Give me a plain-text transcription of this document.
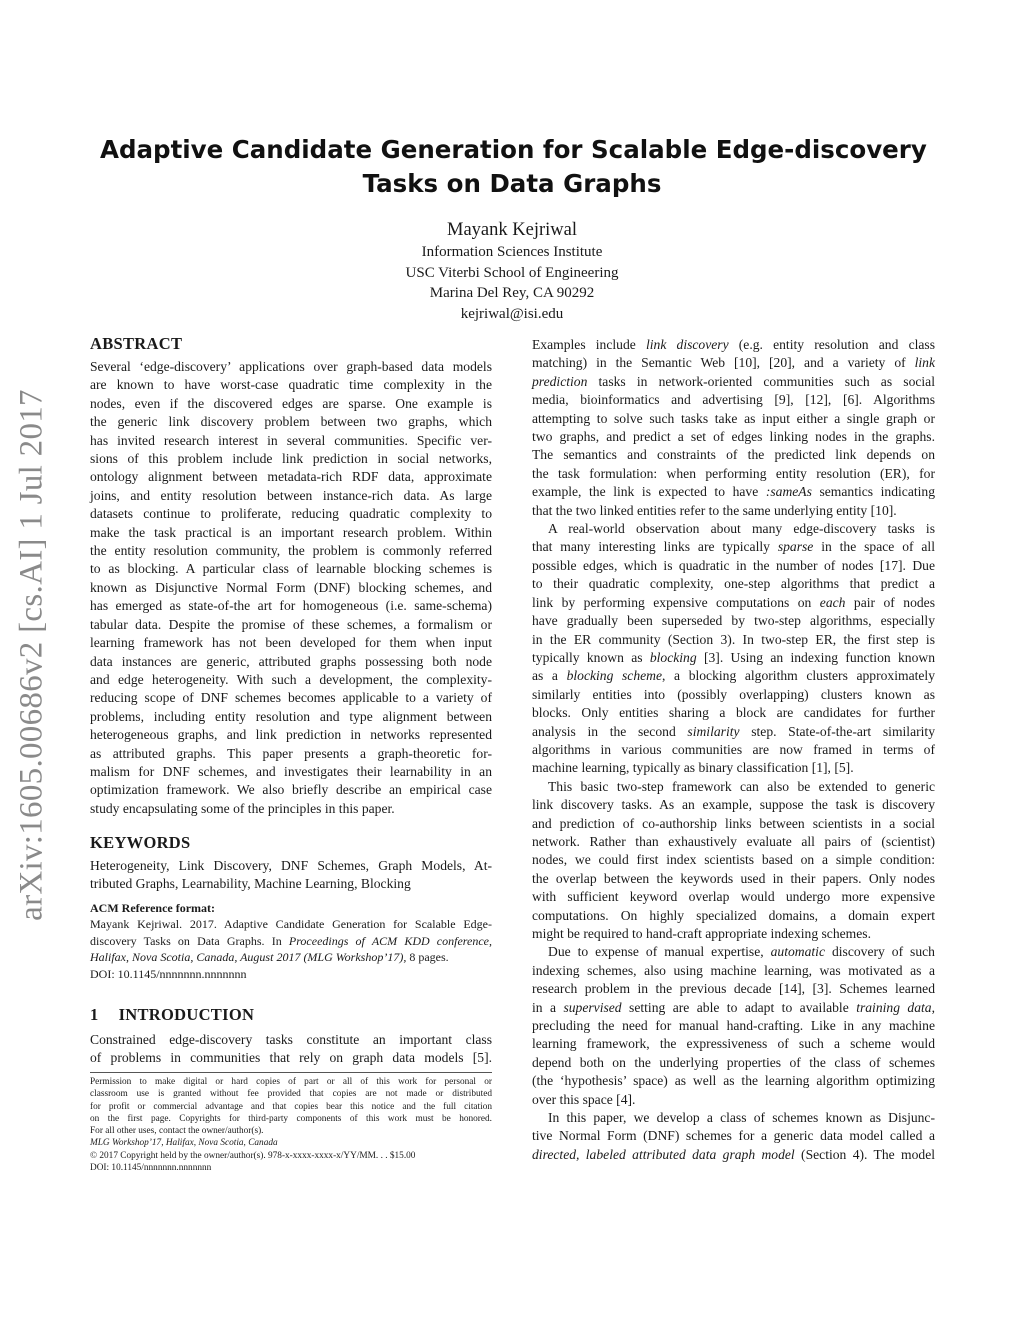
arXiv:1605.00686v2 [cs.AI] 1 Jul 2017
Adaptive Candidate Generation for Scalable Edge-discovery
Tasks on Data Graphs
Mayank Kejriwal
Information Sciences Institute
USC Viterbi School of Engineering
Marina Del Rey, CA 90292
kejriwal@isi.edu
ABSTRACT
Several ‘edge-discovery’ applications over graph-based data models
are known to have worst-case quadratic time complexity in the
nodes, even if the discovered edges are sparse. One example is
the generic link discovery problem between two graphs, which
has invited research interest in several communities. Specific ver-
sions of this problem include link prediction in social networks,
ontology alignment between metadata-rich RDF data, approximate
joins, and entity resolution between instance-rich data. As large
datasets continue to proliferate, reducing quadratic complexity to
make the task practical is an important research problem. Within
the entity resolution community, the problem is commonly referred
to as blocking. A particular class of learnable blocking schemes is
known as Disjunctive Normal Form (DNF) blocking schemes, and
has emerged as state-of-the art for homogeneous (i.e. same-schema)
tabular data. Despite the promise of these schemes, a formalism or
learning framework has not been developed for them when input
data instances are generic, attributed graphs possessing both node
and edge heterogeneity. With such a development, the complexity-
reducing scope of DNF schemes becomes applicable to a variety of
problems, including entity resolution and type alignment between
heterogeneous graphs, and link prediction in networks represented
as attributed graphs. This paper presents a graph-theoretic for-
malism for DNF schemes, and investigates their learnability in an
optimization framework. We also briefly describe an empirical case
study encapsulating some of the principles in this paper.
KEYWORDS
Heterogeneity, Link Discovery, DNF Schemes, Graph Models, At-
tributed Graphs, Learnability, Machine Learning, Blocking
ACM Reference format:
Mayank Kejriwal. 2017. Adaptive Candidate Generation for Scalable Edge-
discovery Tasks on Data Graphs. In Proceedings of ACM KDD conference,
Halifax, Nova Scotia, Canada, August 2017 (MLG Workshop’17), 8 pages.
DOI: 10.1145/nnnnnnn.nnnnnnn
1 INTRODUCTION
Constrained edge-discovery tasks constitute an important class
of problems in communities that rely on graph data models [5].
Permission to make digital or hard copies of part or all of this work for personal or
classroom use is granted without fee provided that copies are not made or distributed
for profit or commercial advantage and that copies bear this notice and the full citation
on the first page. Copyrights for third-party components of this work must be honored.
For all other uses, contact the owner/author(s).
MLG Workshop’17, Halifax, Nova Scotia, Canada
© 2017 Copyright held by the owner/author(s). 978-x-xxxx-xxxx-x/YY/MM. . . $15.00
DOI: 10.1145/nnnnnnn.nnnnnnn
Examples include link discovery (e.g. entity resolution and class
matching) in the Semantic Web [10], [20], and a variety of link
prediction tasks in network-oriented communities such as social
media, bioinformatics and advertising [9], [12], [6]. Algorithms
attempting to solve such tasks take as input either a single graph or
two graphs, and predict a set of edges linking nodes in the graphs.
The semantics and constraints of the predicted link depends on
the task formulation: when performing entity resolution (ER), for
example, the link is expected to have :sameAs semantics indicating
that the two linked entities refer to the same underlying entity [10].
A real-world observation about many edge-discovery tasks is
that many interesting links are typically sparse in the space of all
possible edges, which is quadratic in the number of nodes [17]. Due
to their quadratic complexity, one-step algorithms that predict a
link by performing expensive computations on each pair of nodes
have gradually been superseded by two-step algorithms, especially
in the ER community (Section 3). In two-step ER, the first step is
typically known as blocking [3]. Using an indexing function known
as a blocking scheme, a blocking algorithm clusters approximately
similarly entities into (possibly overlapping) clusters known as
blocks. Only entities sharing a block are candidates for further
analysis in the second similarity step. State-of-the-art similarity
algorithms in various communities are now framed in terms of
machine learning, typically as binary classification [1], [5].
This basic two-step framework can also be extended to generic
link discovery tasks. As an example, suppose the task is discovery
and prediction of co-authorship links between scientists in a social
network. Rather than exhaustively evaluate all pairs of (scientist)
nodes, we could first index scientists based on a simple condition:
the overlap between the keywords used in their papers. Only nodes
with sufficient keyword overlap would undergo more expensive
computations. On highly specialized domains, a domain expert
might be required to hand-craft appropriate indexing schemes.
Due to expense of manual expertise, automatic discovery of such
indexing schemes, also using machine learning, was motivated as a
research problem in the previous decade [14], [3]. Schemes learned
in a supervised setting are able to adapt to available training data,
precluding the need for manual hand-crafting. Like in any machine
learning framework, the expressiveness of such a scheme would
depend both on the underlying properties of the class of schemes
(the ‘hypothesis’ space) as well as the learning algorithm optimizing
over this space [4].
In this paper, we develop a class of schemes known as Disjunc-
tive Normal Form (DNF) schemes for a generic data model called a
directed, labeled attributed data graph model (Section 4). The model
